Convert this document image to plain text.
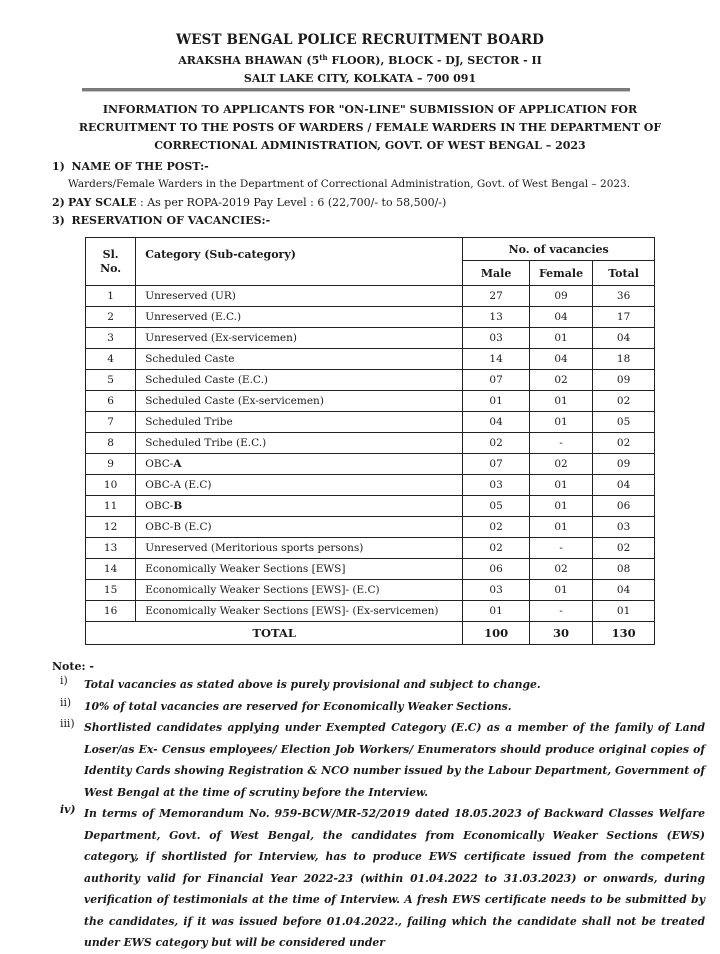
WEST BENGAL POLICE RECRUITMENT BOARD
ARAKSHA BHAWAN (5th FLOOR), BLOCK - DJ, SECTOR - II
SALT LAKE CITY, KOLKATA – 700 091
INFORMATION TO APPLICANTS FOR "ON-LINE" SUBMISSION OF APPLICATION FOR
RECRUITMENT TO THE POSTS OF WARDERS / FEMALE WARDERS IN THE DEPARTMENT OF
CORRECTIONAL ADMINISTRATION, GOVT. OF WEST BENGAL – 2023
1) NAME OF THE POST:-
Warders/Female Warders in the Department of Correctional Administration, Govt. of West Bengal – 2023.
2) PAY SCALE : As per ROPA-2019 Pay Level : 6 (22,700/- to 58,500/-)
3) RESERVATION OF VACANCIES:-
Sl. No.	Category (Sub-category)	No. of vacancies		
		Male	Female	Total
1	Unreserved (UR)	27	09	36
2	Unreserved (E.C.)	13	04	17
3	Unreserved (Ex-servicemen)	03	01	04
4	Scheduled Caste	14	04	18
5	Scheduled Caste (E.C.)	07	02	09
6	Scheduled Caste (Ex-servicemen)	01	01	02
7	Scheduled Tribe	04	01	05
8	Scheduled Tribe (E.C.)	02	-	02
9	OBC-A	07	02	09
10	OBC-A (E.C)	03	01	04
11	OBC-B	05	01	06
12	OBC-B (E.C)	02	01	03
13	Unreserved (Meritorious sports persons)	02	-	02
14	Economically Weaker Sections [EWS]	06	02	08
15	Economically Weaker Sections [EWS]- (E.C)	03	01	04
16	Economically Weaker Sections [EWS]- (Ex-servicemen)	01	-	01
TOTAL		100	30	130
Note: -
i)	Total vacancies as stated above is purely provisional and subject to change.
ii)	10% of total vacancies are reserved for Economically Weaker Sections.
iii) Shortlisted candidates applying under Exempted Category (E.C) as a member of the family of Land Loser/as Ex- Census employees/ Election Job Workers/ Enumerators should produce original copies of Identity Cards showing Registration & NCO number issued by the Labour Department, Government of West Bengal at the time of scrutiny before the Interview.
iv) In terms of Memorandum No. 959-BCW/MR-52/2019 dated 18.05.2023 of Backward Classes Welfare Department, Govt. of West Bengal, the candidates from Economically Weaker Sections (EWS) category, if shortlisted for Interview, has to produce EWS certificate issued from the competent authority valid for Financial Year 2022-23 (within 01.04.2022 to 31.03.2023) or onwards, during verification of testimonials at the time of Interview. A fresh EWS certificate needs to be submitted by the candidates, if it was issued before 01.04.2022., failing which the candidate shall not be treated under EWS category but will be considered under
